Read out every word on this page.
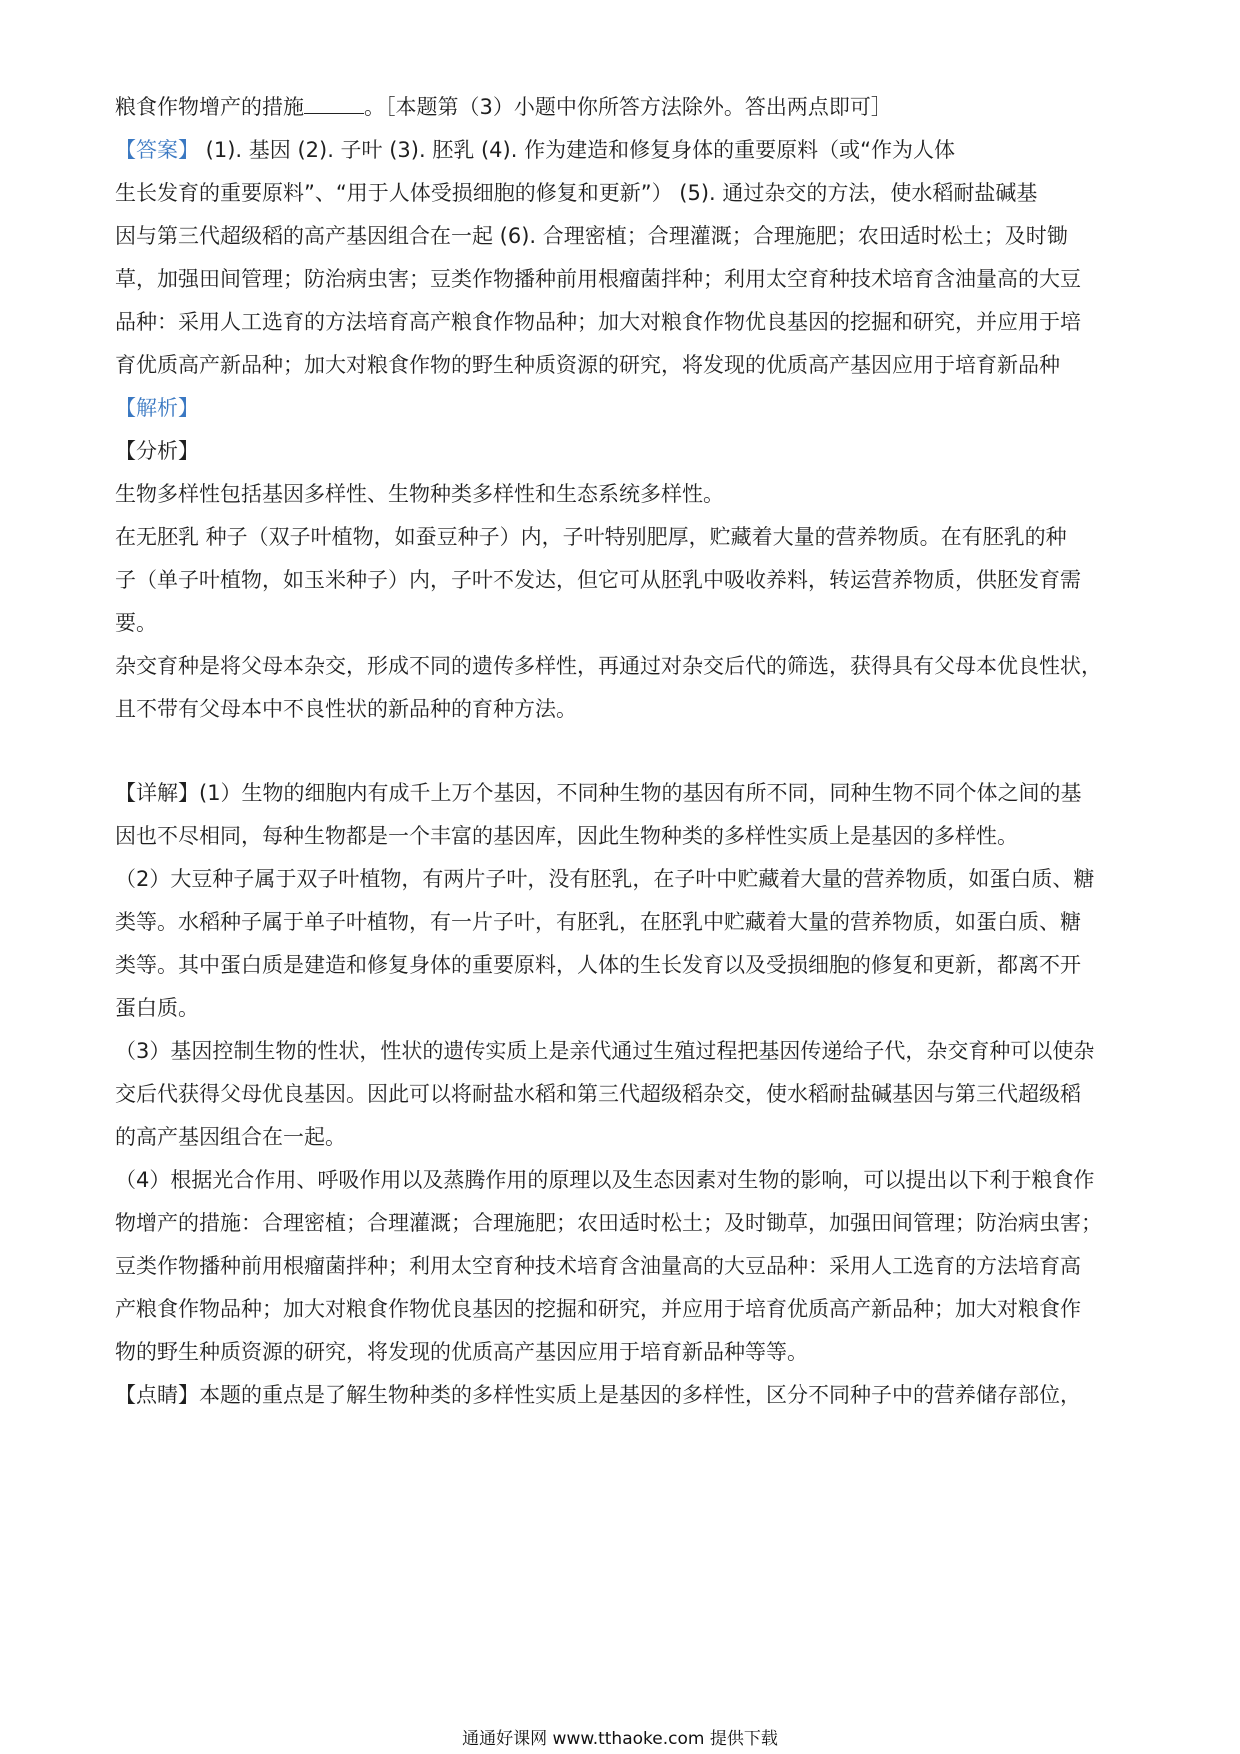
粮食作物增产的措施	。［本题第（3）小题中你所答方法除外。答出两点即可］
【答案】 (1). 基因 (2). 子叶 (3). 胚乳 (4). 作为建造和修复身体的重要原料（或“作为人体
生长发育的重要原料”、“用于人体受损细胞的修复和更新”） (5). 通过杂交的方法，使水稻耐盐碱基
因与第三代超级稻的高产基因组合在一起 (6). 合理密植；合理灌溉；合理施肥；农田适时松土；及时锄
草，加强田间管理；防治病虫害；豆类作物播种前用根瘤菌拌种；利用太空育种技术培育含油量高的大豆
品种：采用人工选育的方法培育高产粮食作物品种；加大对粮食作物优良基因的挖掘和研究，并应用于培
育优质高产新品种；加大对粮食作物的野生种质资源的研究，将发现的优质高产基因应用于培育新品种
【解析】
【分析】
生物多样性包括基因多样性、生物种类多样性和生态系统多样性。
在无胚乳 种子（双子叶植物，如蚕豆种子）内，子叶特别肥厚，贮藏着大量的营养物质。在有胚乳的种
子（单子叶植物，如玉米种子）内，子叶不发达，但它可从胚乳中吸收养料，转运营养物质，供胚发育需
要。
杂交育种是将父母本杂交，形成不同的遗传多样性，再通过对杂交后代的筛选，获得具有父母本优良性状，
且不带有父母本中不良性状的新品种的育种方法。
【详解】(1）生物的细胞内有成千上万个基因，不同种生物的基因有所不同，同种生物不同个体之间的基
因也不尽相同，每种生物都是一个丰富的基因库，因此生物种类的多样性实质上是基因的多样性。
（2）大豆种子属于双子叶植物，有两片子叶，没有胚乳，在子叶中贮藏着大量的营养物质，如蛋白质、糖
类等。水稻种子属于单子叶植物，有一片子叶，有胚乳，在胚乳中贮藏着大量的营养物质，如蛋白质、糖
类等。其中蛋白质是建造和修复身体的重要原料，人体的生长发育以及受损细胞的修复和更新，都离不开
蛋白质。
（3）基因控制生物的性状，性状的遗传实质上是亲代通过生殖过程把基因传递给子代，杂交育种可以使杂
交后代获得父母优良基因。因此可以将耐盐水稻和第三代超级稻杂交，使水稻耐盐碱基因与第三代超级稻
的高产基因组合在一起。
（4）根据光合作用、呼吸作用以及蒸腾作用的原理以及生态因素对生物的影响，可以提出以下利于粮食作
物增产的措施：合理密植；合理灌溉；合理施肥；农田适时松土；及时锄草，加强田间管理；防治病虫害；
豆类作物播种前用根瘤菌拌种；利用太空育种技术培育含油量高的大豆品种：采用人工选育的方法培育高
产粮食作物品种；加大对粮食作物优良基因的挖掘和研究，并应用于培育优质高产新品种；加大对粮食作
物的野生种质资源的研究，将发现的优质高产基因应用于培育新品种等等。
【点睛】本题的重点是了解生物种类的多样性实质上是基因的多样性，区分不同种子中的营养储存部位，
通通好课网 www.tthaoke.com 提供下载
